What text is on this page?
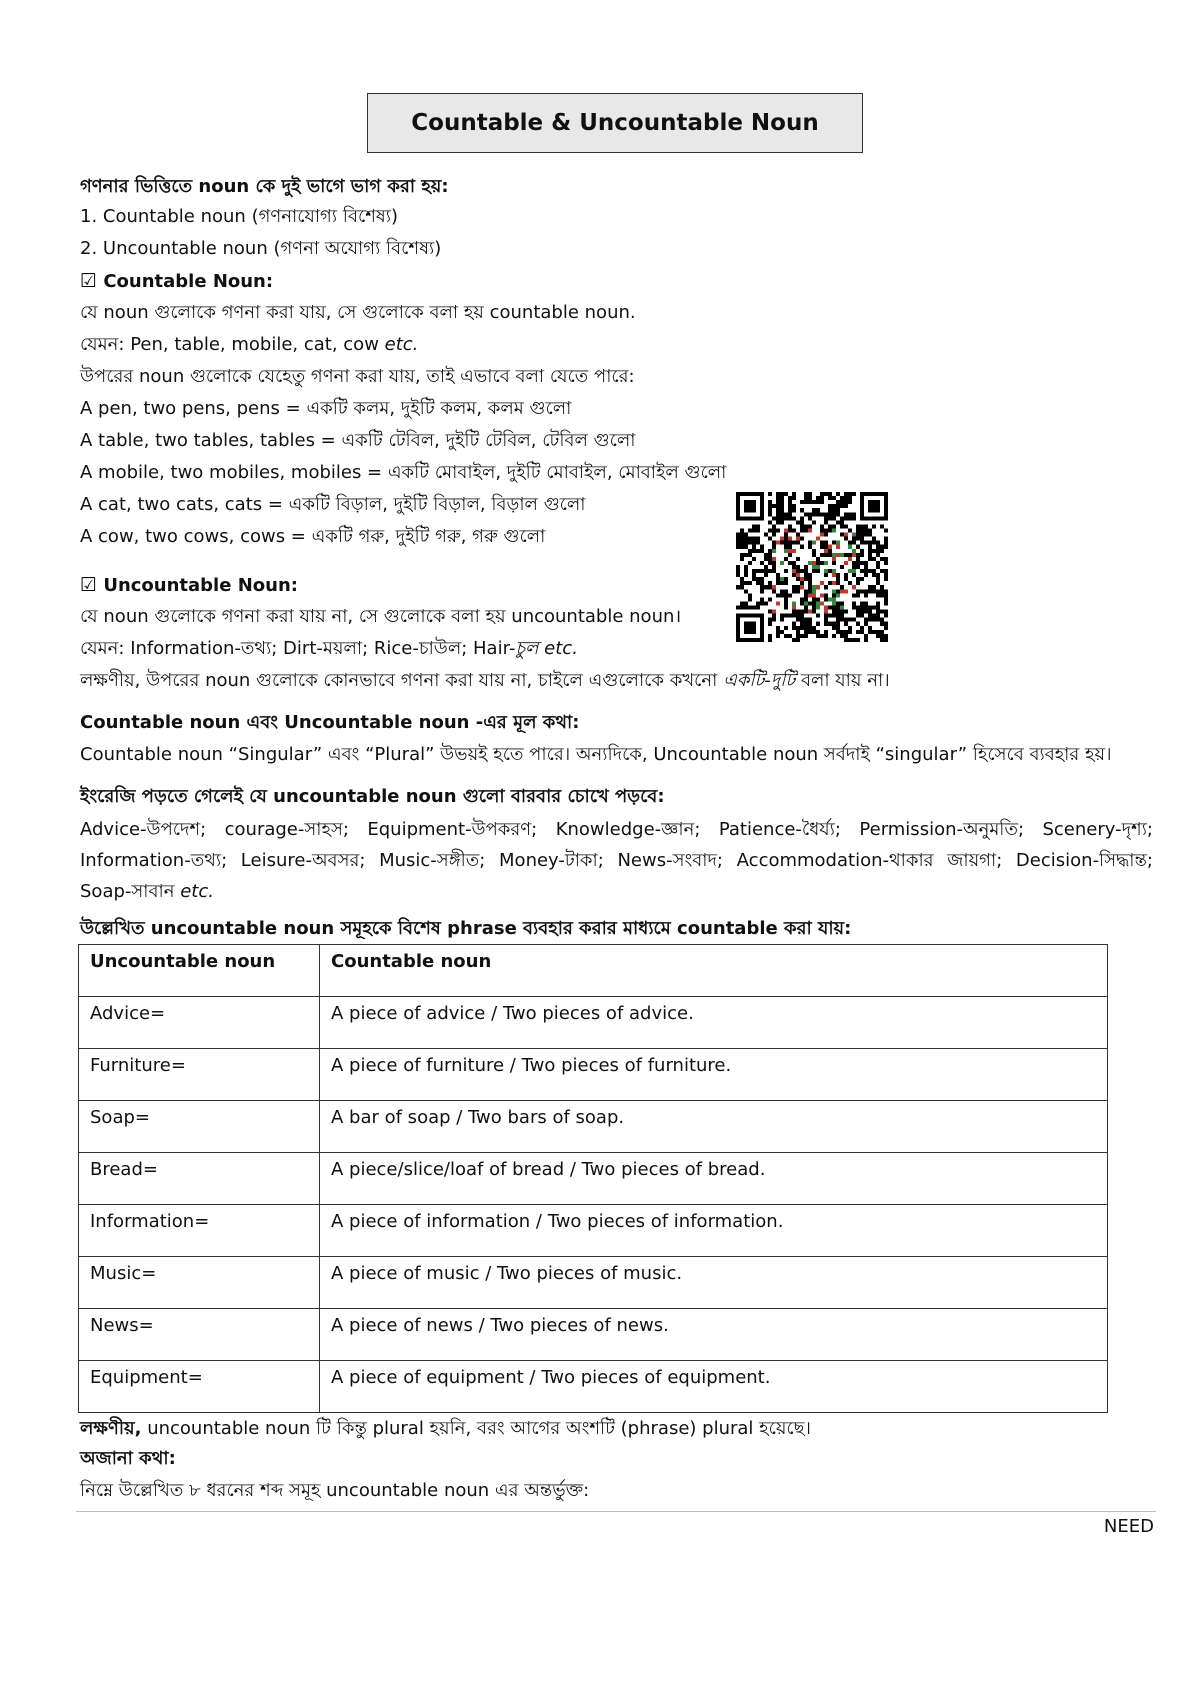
Countable & Uncountable Noun
গণনার ভিত্তিতে noun কে দুই ভাগে ভাগ করা হয়:
1. Countable noun (গণনাযোগ্য বিশেষ্য)
2. Uncountable noun (গণনা অযোগ্য বিশেষ্য)
☑ Countable Noun:
যে noun গুলোকে গণনা করা যায়, সে গুলোকে বলা হয় countable noun.
যেমন: Pen, table, mobile, cat, cow etc.
উপরের noun গুলোকে যেহেতু গণনা করা যায়, তাই এভাবে বলা যেতে পারে:
A pen, two pens, pens = একটি কলম, দুইটি কলম, কলম গুলো
A table, two tables, tables = একটি টেবিল, দুইটি টেবিল, টেবিল গুলো
A mobile, two mobiles, mobiles = একটি মোবাইল, দুইটি মোবাইল, মোবাইল গুলো
A cat, two cats, cats = একটি বিড়াল, দুইটি বিড়াল, বিড়াল গুলো
A cow, two cows, cows = একটি গরু, দুইটি গরু, গরু গুলো
☑ Uncountable Noun:
যে noun গুলোকে গণনা করা যায় না, সে গুলোকে বলা হয় uncountable noun।
যেমন: Information-তথ্য; Dirt-ময়লা; Rice-চাউল; Hair-চুল etc.
লক্ষণীয়, উপরের noun গুলোকে কোনভাবে গণনা করা যায় না, চাইলে এগুলোকে কখনো একটি-দুটি বলা যায় না।
Countable noun এবং Uncountable noun -এর মূল কথা:
Countable noun “Singular” এবং “Plural” উভয়ই হতে পারে। অন্যদিকে, Uncountable noun সর্বদাই “singular” হিসেবে ব্যবহার হয়।
ইংরেজি পড়তে গেলেই যে uncountable noun গুলো বারবার চোখে পড়বে:
Advice-উপদেশ; courage-সাহস; Equipment-উপকরণ; Knowledge-জ্ঞান; Patience-ধৈর্য্য; Permission-অনুমতি; Scenery-দৃশ্য; Information-তথ্য; Leisure-অবসর; Music-সঙ্গীত; Money-টাকা; News-সংবাদ; Accommodation-থাকার জায়গা; Decision-সিদ্ধান্ত; Soap-সাবান etc.
উল্লেখিত uncountable noun সমূহকে বিশেষ phrase ব্যবহার করার মাধ্যমে countable করা যায়:
Uncountable noun	Countable noun
Advice=	A piece of advice / Two pieces of advice.
Furniture=	A piece of furniture / Two pieces of furniture.
Soap=	A bar of soap / Two bars of soap.
Bread=	A piece/slice/loaf of bread / Two pieces of bread.
Information=	A piece of information / Two pieces of information.
Music=	A piece of music / Two pieces of music.
News=	A piece of news / Two pieces of news.
Equipment=	A piece of equipment / Two pieces of equipment.
লক্ষণীয়, uncountable noun টি কিন্তু plural হয়নি, বরং আগের অংশটি (phrase) plural হয়েছে।
অজানা কথা:
নিম্নে উল্লেখিত ৮ ধরনের শব্দ সমূহ uncountable noun এর অন্তর্ভুক্ত:
NEED
